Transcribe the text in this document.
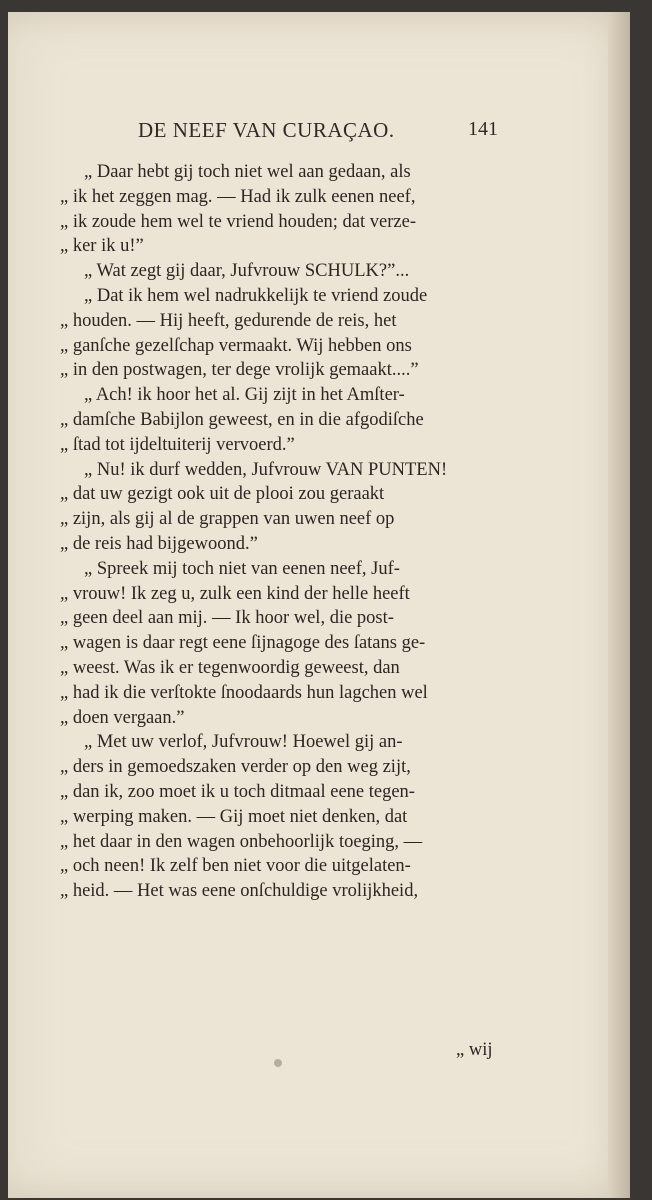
DE NEEF VAN CURAÇAO.	141
„ Daar hebt gij toch niet wel aan gedaan, als
„ ik het zeggen mag. — Had ik zulk eenen neef,
„ ik zoude hem wel te vriend houden; dat verze-
„ ker ik u!”
„ Wat zegt gij daar, Jufvrouw SCHULK?”...
„ Dat ik hem wel nadrukkelijk te vriend zoude
„ houden. — Hij heeft, gedurende de reis, het
„ ganſche gezelſchap vermaakt. Wij hebben ons
„ in den postwagen, ter dege vrolijk gemaakt....”
„ Ach! ik hoor het al. Gij zijt in het Amſter-
„ damſche Babijlon geweest, en in die afgodiſche
„ ſtad tot ijdeltuiterij vervoerd.”
„ Nu! ik durf wedden, Jufvrouw VAN PUNTEN!
„ dat uw gezigt ook uit de plooi zou geraakt
„ zijn, als gij al de grappen van uwen neef op
„ de reis had bijgewoond.”
„ Spreek mij toch niet van eenen neef, Juf-
„ vrouw! Ik zeg u, zulk een kind der helle heeft
„ geen deel aan mij. — Ik hoor wel, die post-
„ wagen is daar regt eene ſijnagoge des ſatans ge-
„ weest. Was ik er tegenwoordig geweest, dan
„ had ik die verſtokte ſnoodaards hun lagchen wel
„ doen vergaan.”
„ Met uw verlof, Jufvrouw! Hoewel gij an-
„ ders in gemoedszaken verder op den weg zijt,
„ dan ik, zoo moet ik u toch ditmaal eene tegen-
„ werping maken. — Gij moet niet denken, dat
„ het daar in den wagen onbehoorlijk toeging, —
„ och neen! Ik zelf ben niet voor die uitgelaten-
„ heid. — Het was eene onſchuldige vrolijkheid,
„ wij
